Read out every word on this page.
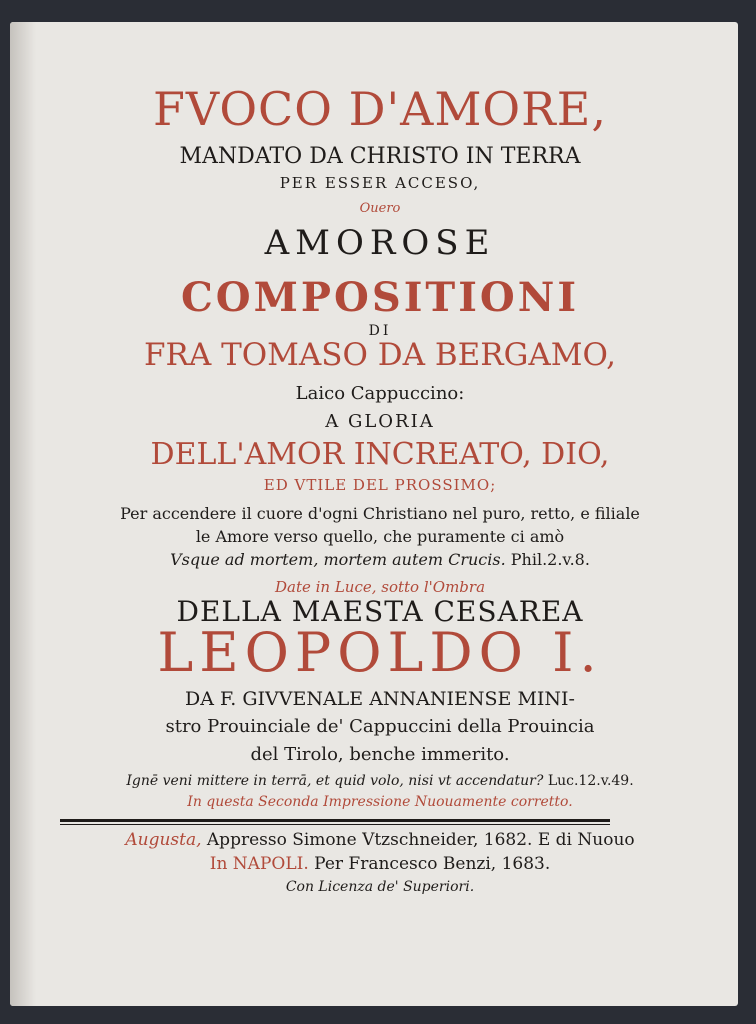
FVOCO D'AMORE,
MANDATO DA CHRISTO IN TERRA
PER ESSER ACCESO,
Ouero
AMOROSE
COMPOSITIONI
DI
FRA TOMASO DA BERGAMO,
Laico Cappuccino:
A GLORIA
DELL'AMOR INCREATO, DIO,
ED VTILE DEL PROSSIMO;
Per accendere il cuore d'ogni Christiano nel puro, retto, e filiale
le Amore verso quello, che puramente ci amò
Vsque ad mortem, mortem autem Crucis. Phil.2.v.8.
Date in Luce, sotto l'Ombra
DELLA MAESTA CESAREA
LEOPOLDO I.
DA F. GIVVENALE ANNANIENSE MINI-
stro Prouinciale de' Cappuccini della Prouincia
del Tirolo, benche immerito.
Ignē veni mittere in terrā, et quid volo, nisi vt accendatur? Luc.12.v.49.
In questa Seconda Impressione Nuouamente corretto.
Augusta, Appresso Simone Vtzschneider, 1682. E di Nuouo
In NAPOLI. Per Francesco Benzi, 1683.
Con Licenza de' Superiori.
